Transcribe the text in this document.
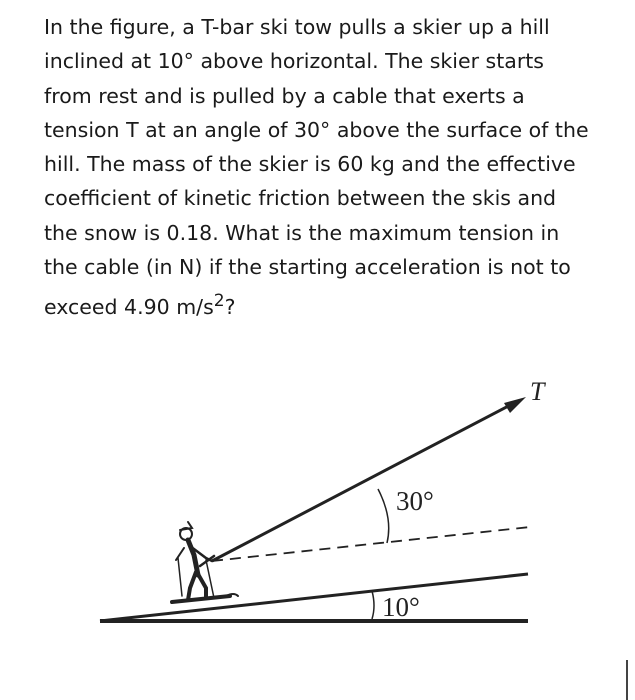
In the figure, a T-bar ski tow pulls a skier up a hill
inclined at 10° above horizontal. The skier starts
from rest and is pulled by a cable that exerts a
tension T at an angle of 30° above the surface of the
hill. The mass of the skier is 60 kg and the effective
coefficient of kinetic friction between the skis and
the snow is 0.18. What is the maximum tension in
the cable (in N) if the starting acceleration is not to
exceed 4.90 $m/s^2$?

T
30°
10°
